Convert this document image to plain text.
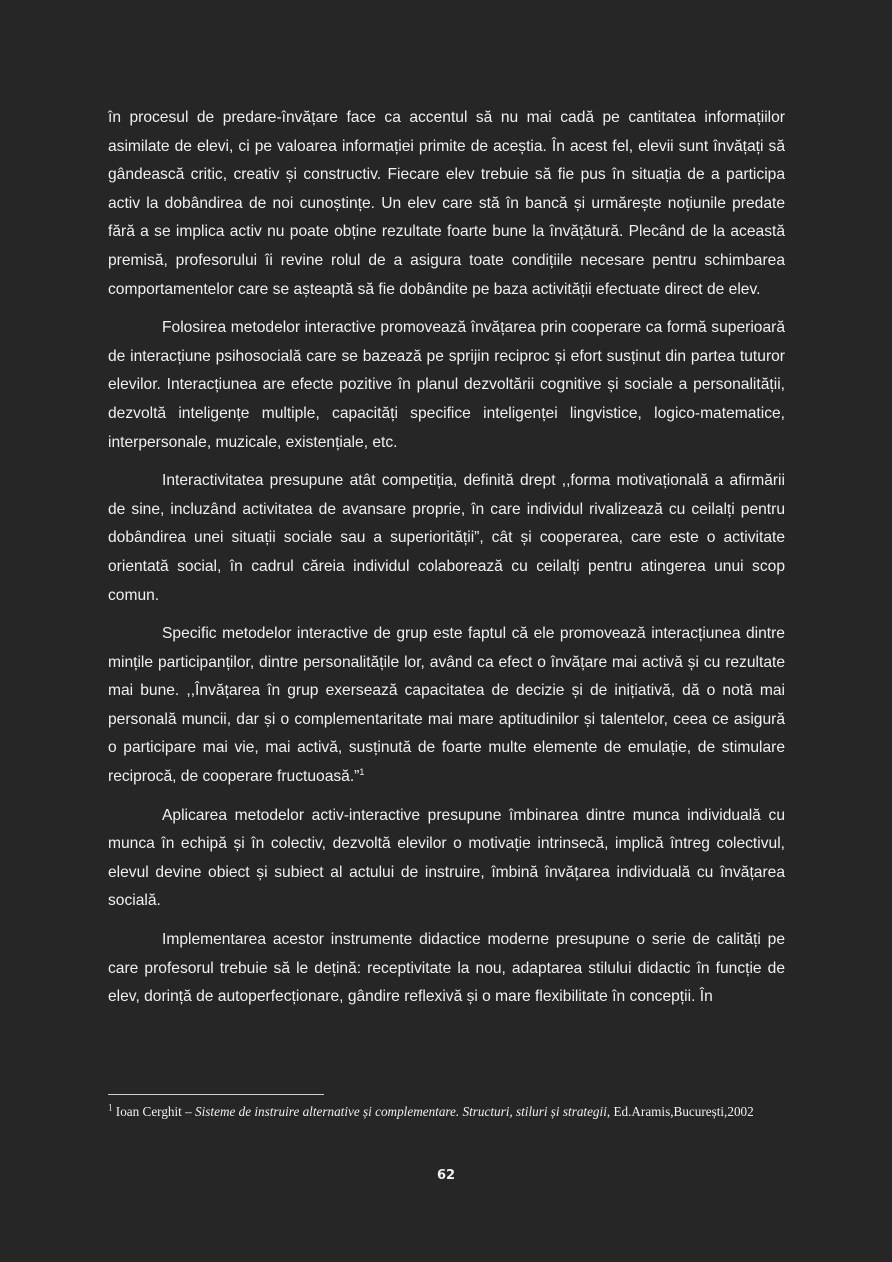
în procesul de predare-învățare face ca accentul să nu mai cadă pe cantitatea informațiilor asimilate de elevi, ci pe valoarea informației primite de aceștia. În acest fel, elevii sunt învățați să gândească critic, creativ și constructiv. Fiecare elev trebuie să fie pus în situația de a participa activ la dobândirea de noi cunoștințe. Un elev care stă în bancă și urmărește noțiunile predate fără a se implica activ nu poate obține rezultate foarte bune la învățătură. Plecând de la această premisă, profesorului îi revine rolul de a asigura toate condițiile necesare pentru schimbarea comportamentelor care se așteaptă să fie dobândite pe baza activității efectuate direct de elev.

Folosirea metodelor interactive promovează învățarea prin cooperare ca formă superioară de interacțiune psihosocială care se bazează pe sprijin reciproc și efort susținut din partea tuturor elevilor. Interacțiunea are efecte pozitive în planul dezvoltării cognitive și sociale a personalității, dezvoltă inteligențe multiple, capacități specifice inteligenței lingvistice, logico-matematice, interpersonale, muzicale, existențiale, etc.

Interactivitatea presupune atât competiția, definită drept ,,forma motivațională a afirmării de sine, incluzând activitatea de avansare proprie, în care individul rivalizează cu ceilalți pentru dobândirea unei situații sociale sau a superiorității”, cât și cooperarea, care este o activitate orientată social, în cadrul căreia individul colaborează cu ceilalți pentru atingerea unui scop comun.

Specific metodelor interactive de grup este faptul că ele promovează interacțiunea dintre mințile participanților, dintre personalitățile lor, având ca efect o învățare mai activă și cu rezultate mai bune. ,,Învățarea în grup exersează capacitatea de decizie și de inițiativă, dă o notă mai personală muncii, dar și o complementaritate mai mare aptitudinilor și talentelor, ceea ce asigură o participare mai vie, mai activă, susținută de foarte multe elemente de emulație, de stimulare reciprocă, de cooperare fructuoasă.”$^1$

Aplicarea metodelor activ-interactive presupune îmbinarea dintre munca individuală cu munca în echipă și în colectiv, dezvoltă elevilor o motivație intrinsecă, implică întreg colectivul, elevul devine obiect și subiect al actului de instruire, îmbină învățarea individuală cu învățarea socială.

Implementarea acestor instrumente didactice moderne presupune o serie de calități pe care profesorul trebuie să le dețină: receptivitate la nou, adaptarea stilului didactic în funcție de elev, dorință de autoperfecționare, gândire reflexivă și o mare flexibilitate în concepții. În

$^1$ Ioan Cerghit – Sisteme de instruire alternative și complementare. Structuri, stiluri și strategii, Ed.Aramis,București,2002
62
